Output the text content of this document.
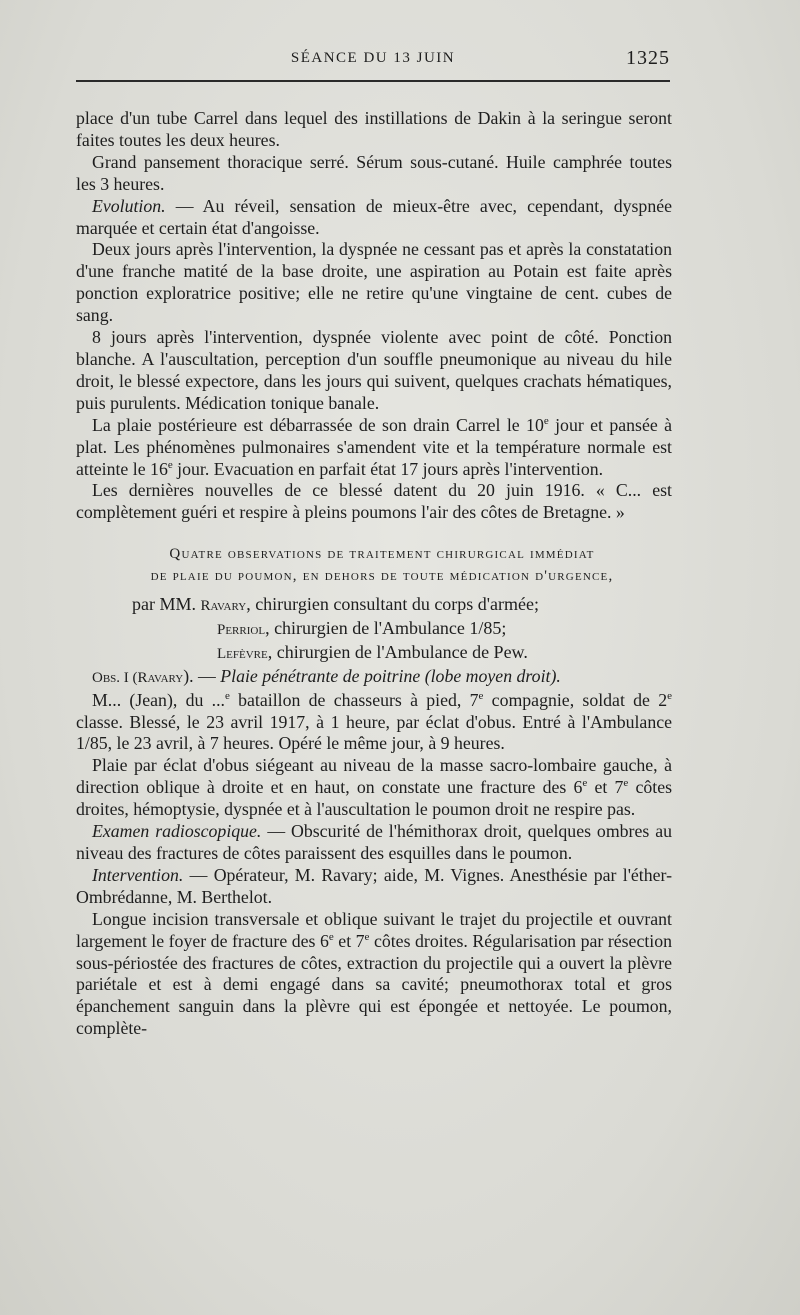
SÉANCE DU 13 JUIN	1325

place d'un tube Carrel dans lequel des instillations de Dakin à la seringue seront faites toutes les deux heures.

Grand pansement thoracique serré. Sérum sous-cutané. Huile camphrée toutes les 3 heures.

Evolution. — Au réveil, sensation de mieux-être avec, cependant, dyspnée marquée et certain état d'angoisse.

Deux jours après l'intervention, la dyspnée ne cessant pas et après la constatation d'une franche matité de la base droite, une aspiration au Potain est faite après ponction exploratrice positive; elle ne retire qu'une vingtaine de cent. cubes de sang.

8 jours après l'intervention, dyspnée violente avec point de côté. Ponction blanche. A l'auscultation, perception d'un souffle pneumonique au niveau du hile droit, le blessé expectore, dans les jours qui suivent, quelques crachats hématiques, puis purulents. Médication tonique banale.

La plaie postérieure est débarrassée de son drain Carrel le 10e jour et pansée à plat. Les phénomènes pulmonaires s'amendent vite et la température normale est atteinte le 16e jour. Evacuation en parfait état 17 jours après l'intervention.

Les dernières nouvelles de ce blessé datent du 20 juin 1916. « C... est complètement guéri et respire à pleins poumons l'air des côtes de Bretagne. »

Quatre observations de traitement chirurgical immédiat

de plaie du poumon, en dehors de toute médication d'urgence,

par MM. Ravary, chirurgien consultant du corps d'armée;
Perriol, chirurgien de l'Ambulance 1/85;
Lefèvre, chirurgien de l'Ambulance de Pew.

Obs. I (Ravary). — Plaie pénétrante de poitrine (lobe moyen droit).

M... (Jean), du ...$^e$ bataillon de chasseurs à pied, 7e compagnie, soldat de 2e classe. Blessé, le 23 avril 1917, à 1 heure, par éclat d'obus. Entré à l'Ambulance 1/85, le 23 avril, à 7 heures. Opéré le même jour, à 9 heures.

Plaie par éclat d'obus siégeant au niveau de la masse sacro-lombaire gauche, à direction oblique à droite et en haut, on constate une fracture des 6e et 7e côtes droites, hémoptysie, dyspnée et à l'auscultation le poumon droit ne respire pas.

Examen radioscopique. — Obscurité de l'hémithorax droit, quelques ombres au niveau des fractures de côtes paraissent des esquilles dans le poumon.

Intervention. — Opérateur, M. Ravary; aide, M. Vignes. Anesthésie par l'éther-Ombrédanne, M. Berthelot.

Longue incision transversale et oblique suivant le trajet du projectile et ouvrant largement le foyer de fracture des 6e et 7e côtes droites. Régularisation par résection sous-périostée des fractures de côtes, extraction du projectile qui a ouvert la plèvre pariétale et est à demi engagé dans sa cavité; pneumothorax total et gros épanchement sanguin dans la plèvre qui est épongée et nettoyée. Le poumon, complète-
